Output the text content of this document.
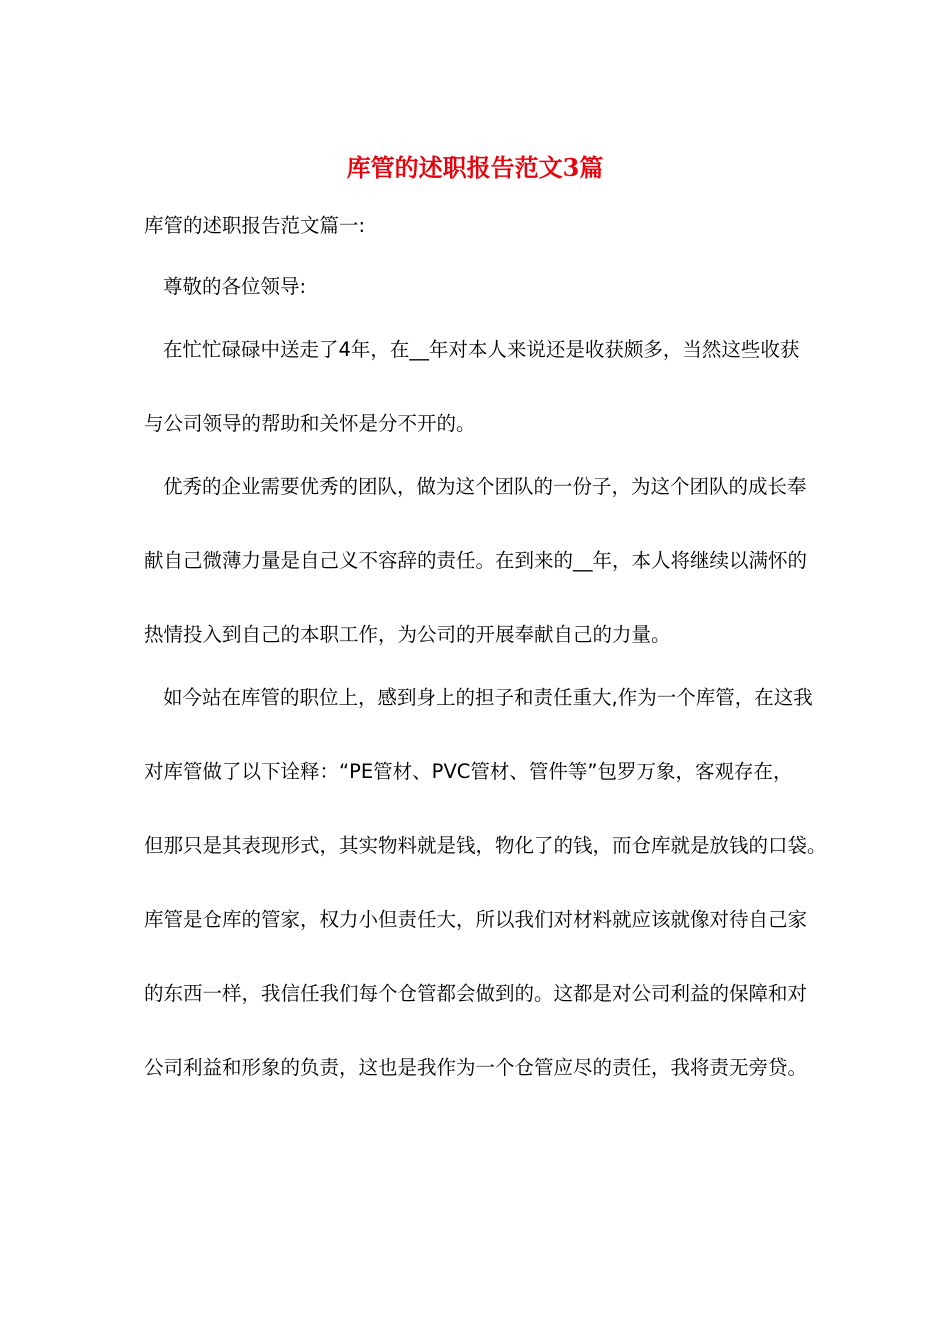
库管的述职报告范文3篇
库管的述职报告范文篇一:
尊敬的各位领导:
在忙忙碌碌中送走了4年，在__年对本人来说还是收获颇多，当然这些收获
与公司领导的帮助和关怀是分不开的。
优秀的企业需要优秀的团队，做为这个团队的一份子，为这个团队的成长奉
献自己微薄力量是自己义不容辞的责任。在到来的__年，本人将继续以满怀的
热情投入到自己的本职工作，为公司的开展奉献自己的力量。
如今站在库管的职位上，感到身上的担子和责任重大,作为一个库管，在这我
对库管做了以下诠释：“PE管材、PVC管材、管件等”包罗万象，客观存在，
但那只是其表现形式，其实物料就是钱，物化了的钱，而仓库就是放钱的口袋。
库管是仓库的管家，权力小但责任大，所以我们对材料就应该就像对待自己家
的东西一样，我信任我们每个仓管都会做到的。这都是对公司利益的保障和对
公司利益和形象的负责，这也是我作为一个仓管应尽的责任，我将责无旁贷。
